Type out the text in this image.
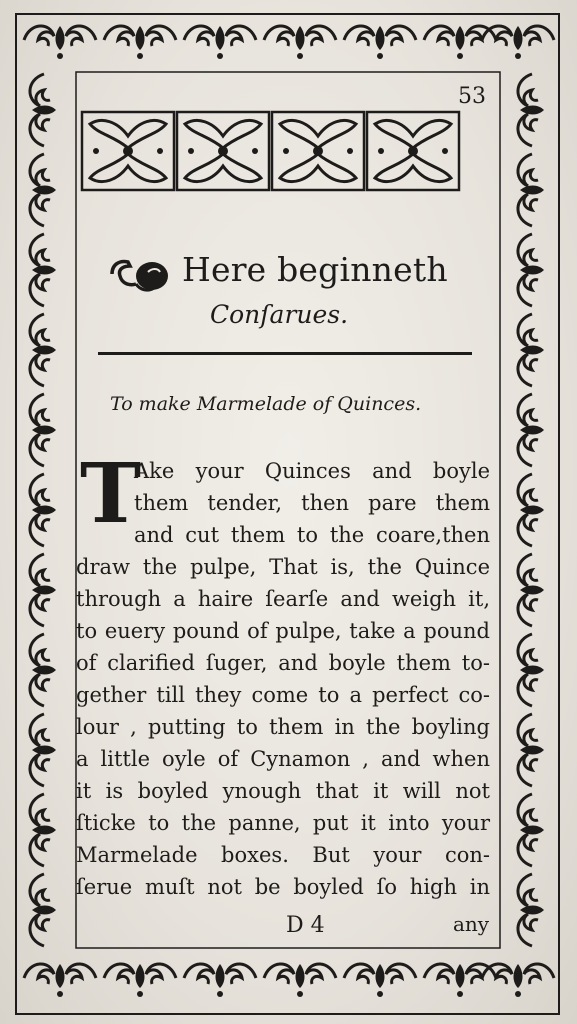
53
Here beginneth
Conſarues.
To make Marmelade of Quinces.
T
Ake your Quinces and boyle
them tender, then pare them
and cut them to the coare,then
draw the pulpe, That is, the Quince
through a haire ſearſe and weigh it,
to euery pound of pulpe, take a pound
of clarified ſuger, and boyle them to-
gether till they come to a perfect co-
lour , putting to them in the boyling
a little oyle of Cynamon , and when
it is boyled ynough that it will not
ſticke to the panne, put it into your
Marmelade boxes. But your con-
ſerue muſt not be boyled ſo high in
D 4	any
